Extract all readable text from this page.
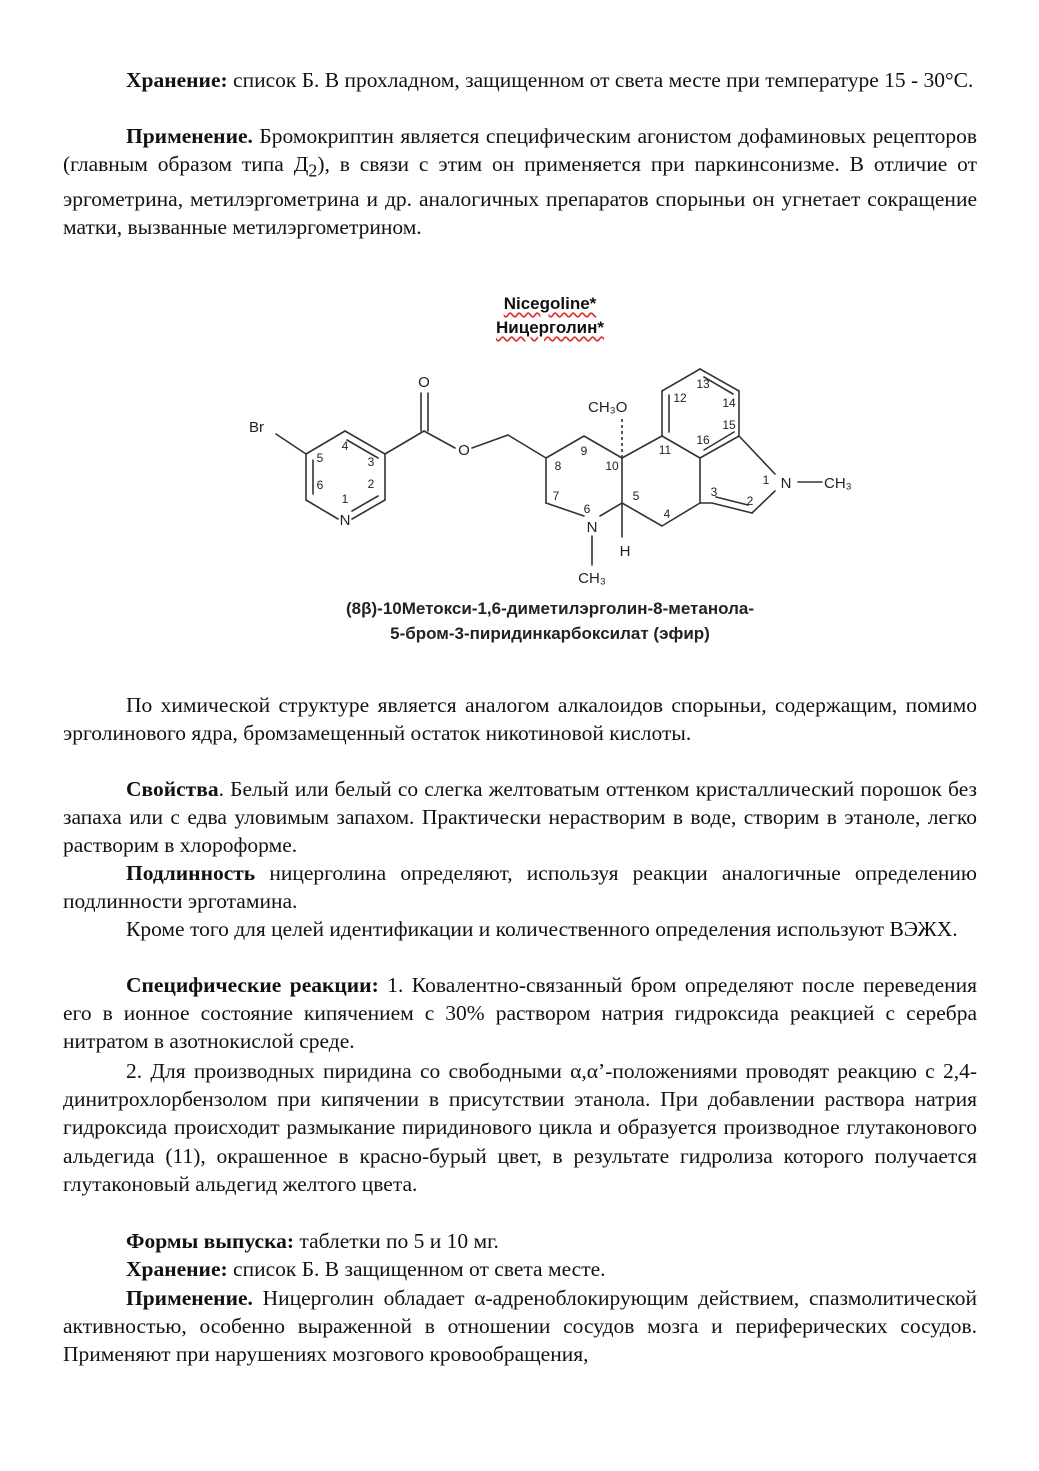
Хранение: список Б. В прохладном, защищенном от света месте при температуре 15 - 30°С.

Применение. Бромокриптин является специфическим агонистом дофаминовых рецепторов (главным образом типа $Д_2$), в связи с этим он применяется при паркинсонизме. В отличие от эргометрина, метилэргометрина и др. аналогичных препаратов спорыньи он угнетает сокращение матки, вызванные метилэргометрином.

Nicegoline*
Ницерголин*
O
Br
N
O
CH₃O
N
CH₃
H
N CH₃
1
2
3
4
5
6	1
2
3
4
5
6
7
8
9
10
11
12
13
14
15
16
(8β)-10Метокси-1,6-диметилэрголин-8-метанола-
5-бром-3-пиридинкарбоксилат (эфир)

По химической структуре является аналогом алкалоидов спорыньи, содержащим, помимо эрголинового ядра, бромзамещенный остаток никотиновой кислоты.

Свойства. Белый или белый со слегка желтоватым оттенком кристаллический порошок без запаха или с едва уловимым запахом. Практически нерастворим в воде, створим в этаноле, легко растворим в хлороформе.

Подлинность ницерголина определяют, используя реакции аналогичные определению подлинности эрготамина.

Кроме того для целей идентификации и количественного определения используют ВЭЖХ.

Специфические реакции: 1. Ковалентно-связанный бром определяют после переведения его в ионное состояние кипячением с 30% раствором натрия гидроксида реакцией с серебра нитратом в азотнокислой среде.

2. Для производных пиридина со свободными α,α’-положениями проводят реакцию с 2,4-динитрохлорбензолом при кипячении в присутствии этанола. При добавлении раствора натрия гидроксида происходит размыкание пиридинового цикла и образуется производное глутаконового альдегида (11), окрашенное в красно-бурый цвет, в результате гидролиза которого получается глутаконовый альдегид желтого цвета.

Формы выпуска: таблетки по 5 и 10 мг.

Хранение: список Б. В защищенном от света месте.

Применение. Ницерголин обладает α-адреноблокирующим действием, спазмолитической активностью, особенно выраженной в отношении сосудов мозга и периферических сосудов. Применяют при нарушениях мозгового кровообращения,
